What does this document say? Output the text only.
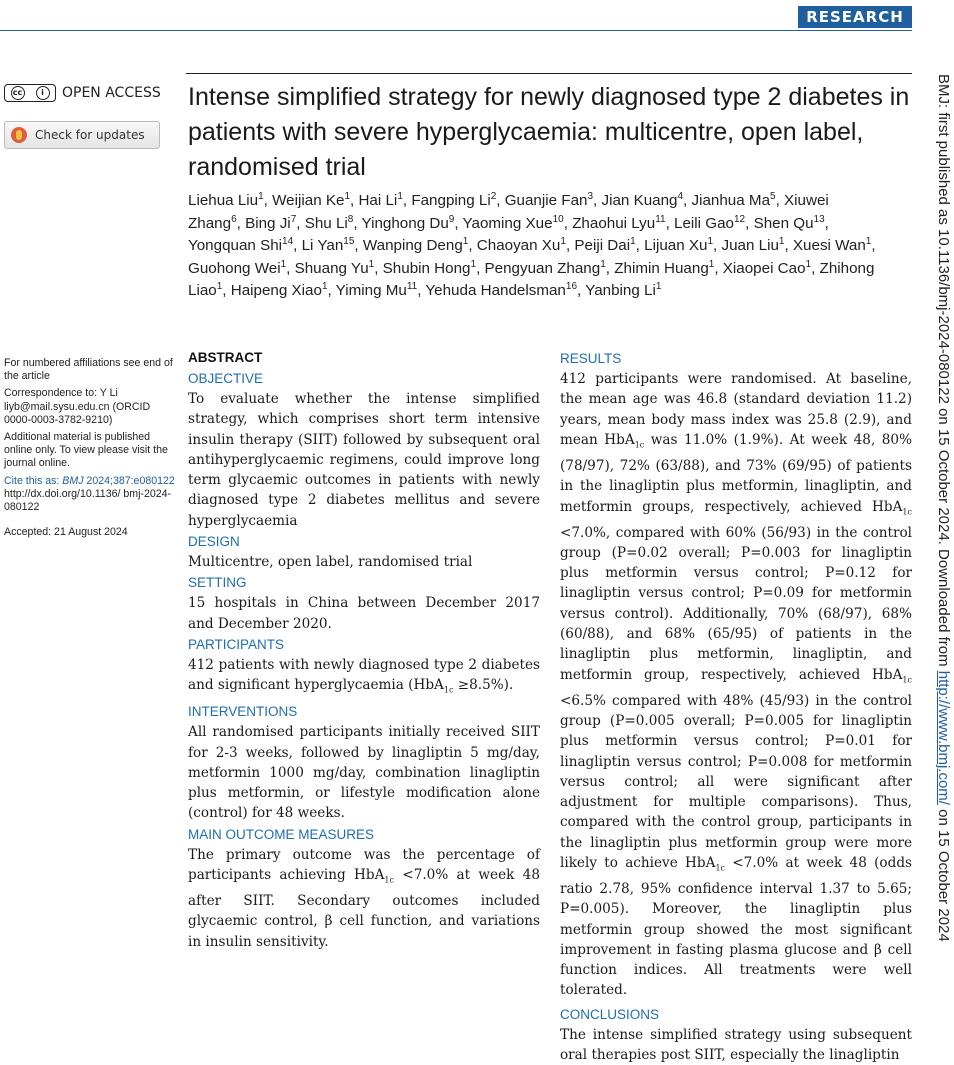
RESEARCH
cc	i	OPEN ACCESS
Check for updates
Intense simplified strategy for newly diagnosed type 2 diabetes in patients with severe hyperglycaemia: multicentre, open label, randomised trial
Liehua Liu$^1$, Weijian Ke$^1$, Hai Li$^1$, Fangping Li$^2$, Guanjie Fan$^3$, Jian Kuang$^4$, Jianhua Ma$^5$, Xiuwei Zhang$^6$, Bing Ji$^7$, Shu Li$^8$, Yinghong Du$^9$, Yaoming Xue$^{10}$, Zhaohui Lyu$^{11}$, Leili Gao$^{12}$, Shen Qu$^{13}$, Yongquan Shi$^{14}$, Li Yan$^{15}$, Wanping Deng$^1$, Chaoyan Xu$^1$, Peiji Dai$^1$, Lijuan Xu$^1$, Juan Liu$^1$, Xuesi Wan$^1$, Guohong Wei$^1$, Shuang Yu$^1$, Shubin Hong$^1$, Pengyuan Zhang$^1$, Zhimin Huang$^1$, Xiaopei Cao$^1$, Zhihong Liao$^1$, Haipeng Xiao$^1$, Yiming Mu$^{11}$, Yehuda Handelsman$^{16}$, Yanbing Li$^1$

For numbered affiliations see end of the article

Correspondence to: Y Li liyb@mail.sysu.edu.cn (ORCID 0000-0003-3782-9210)

Additional material is published online only. To view please visit the journal online.

Cite this as: BMJ 2024;387:e080122
http://dx.doi.org/10.1136/ bmj-2024-080122

Accepted: 21 August 2024

ABSTRACT
OBJECTIVE

To evaluate whether the intense simplified strategy, which comprises short term intensive insulin therapy (SIIT) followed by subsequent oral antihyperglycaemic regimens, could improve long term glycaemic outcomes in patients with newly diagnosed type 2 diabetes mellitus and severe hyperglycaemia

DESIGN

Multicentre, open label, randomised trial

SETTING

15 hospitals in China between December 2017 and December 2020.

PARTICIPANTS

412 patients with newly diagnosed type 2 diabetes and significant hyperglycaemia (HbA$_{1c}$ ≥8.5%).

INTERVENTIONS

All randomised participants initially received SIIT for 2-3 weeks, followed by linagliptin 5 mg/day, metformin 1000 mg/day, combination linagliptin plus metformin, or lifestyle modification alone (control) for 48 weeks.

MAIN OUTCOME MEASURES

The primary outcome was the percentage of participants achieving HbA$_{1c}$ <7.0% at week 48 after SIIT. Secondary outcomes included glycaemic control, β cell function, and variations in insulin sensitivity.

RESULTS

412 participants were randomised. At baseline, the mean age was 46.8 (standard deviation 11.2) years, mean body mass index was 25.8 (2.9), and mean HbA$_{1c}$ was 11.0% (1.9%). At week 48, 80% (78/97), 72% (63/88), and 73% (69/95) of patients in the linagliptin plus metformin, linagliptin, and metformin groups, respectively, achieved HbA$_{1c}$ <7.0%, compared with 60% (56/93) in the control group (P=0.02 overall; P=0.003 for linagliptin plus metformin versus control; P=0.12 for linagliptin versus control; P=0.09 for metformin versus control). Additionally, 70% (68/97), 68% (60/88), and 68% (65/95) of patients in the linagliptin plus metformin, linagliptin, and metformin group, respectively, achieved HbA$_{1c}$ <6.5% compared with 48% (45/93) in the control group (P=0.005 overall; P=0.005 for linagliptin plus metformin versus control; P=0.01 for linagliptin versus control; P=0.008 for metformin versus control; all were significant after adjustment for multiple comparisons). Thus, compared with the control group, participants in the linagliptin plus metformin group were more likely to achieve HbA$_{1c}$ <7.0% at week 48 (odds ratio 2.78, 95% confidence interval 1.37 to 5.65; P=0.005). Moreover, the linagliptin plus metformin group showed the most significant improvement in fasting plasma glucose and β cell function indices. All treatments were well tolerated.

CONCLUSIONS

The intense simplified strategy using subsequent oral therapies post SIIT, especially the linagliptin

BMJ: first published as 10.1136/bmj-2024-080122 on 15 October 2024. Downloaded from http://www.bmj.com/ on 15 October 2024
